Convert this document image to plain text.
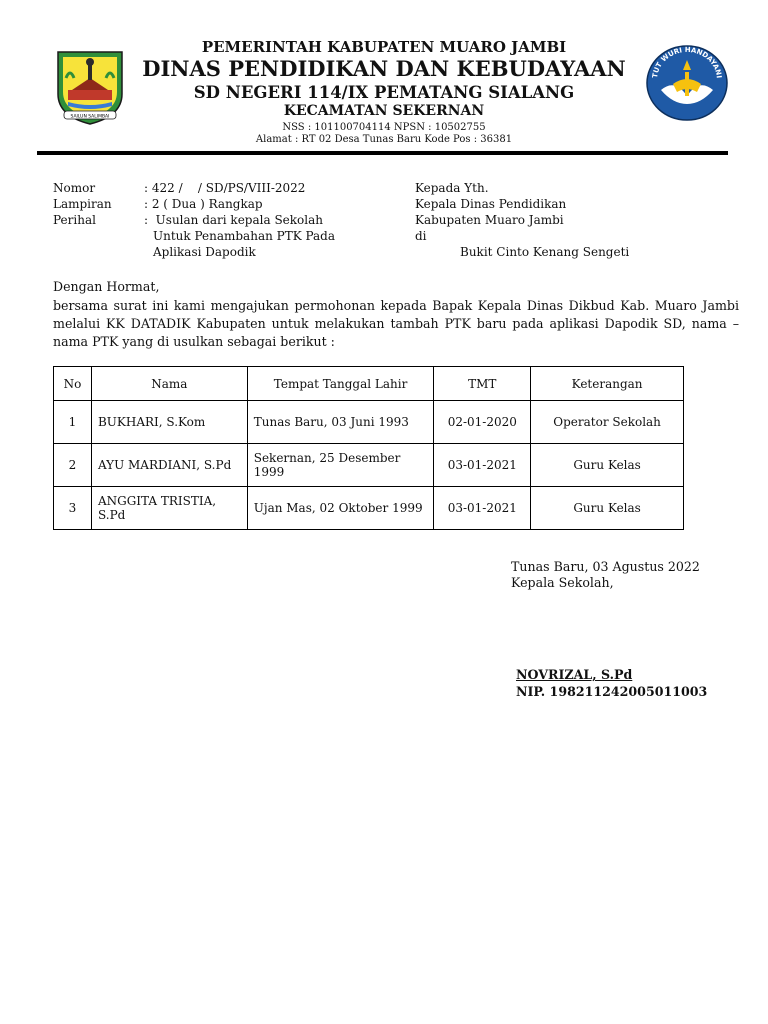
SAILUN SALIMBAI
TUT WURI HANDAYANI
PEMERINTAH KABUPATEN MUARO JAMBI
DINAS PENDIDIKAN DAN KEBUDAYAAN
SD NEGERI 114/IX PEMATANG SIALANG
KECAMATAN SEKERNAN
NSS : 101100704114 NPSN : 10502755
Alamat : RT 02 Desa Tunas Baru Kode Pos : 36381
Nomor	: 422 /    / SD/PS/VIII-2022
Lampiran	: 2 ( Dua ) Rangkap
Perihal	:  Usulan dari kepala Sekolah
Untuk Penambahan PTK Pada
Aplikasi Dapodik
Kepada Yth.
Kepala Dinas Pendidikan
Kabupaten Muaro Jambi
di
Bukit Cinto Kenang Sengeti
Dengan Hormat,
bersama surat ini kami mengajukan permohonan kepada Bapak Kepala Dinas Dikbud Kab. Muaro Jambi melalui KK DATADIK Kabupaten untuk melakukan tambah PTK baru pada aplikasi Dapodik SD, nama – nama PTK yang di usulkan sebagai berikut :
No	Nama	Tempat Tanggal Lahir	TMT	Keterangan
1	BUKHARI, S.Kom	Tunas Baru, 03 Juni 1993	02-01-2020	Operator Sekolah
2	AYU MARDIANI, S.Pd	Sekernan, 25 Desember 1999	03-01-2021	Guru Kelas
3	ANGGITA TRISTIA, S.Pd	Ujan Mas, 02 Oktober 1999	03-01-2021	Guru Kelas
Tunas Baru, 03 Agustus 2022
Kepala Sekolah,
NOVRIZAL, S.Pd
NIP. 198211242005011003
